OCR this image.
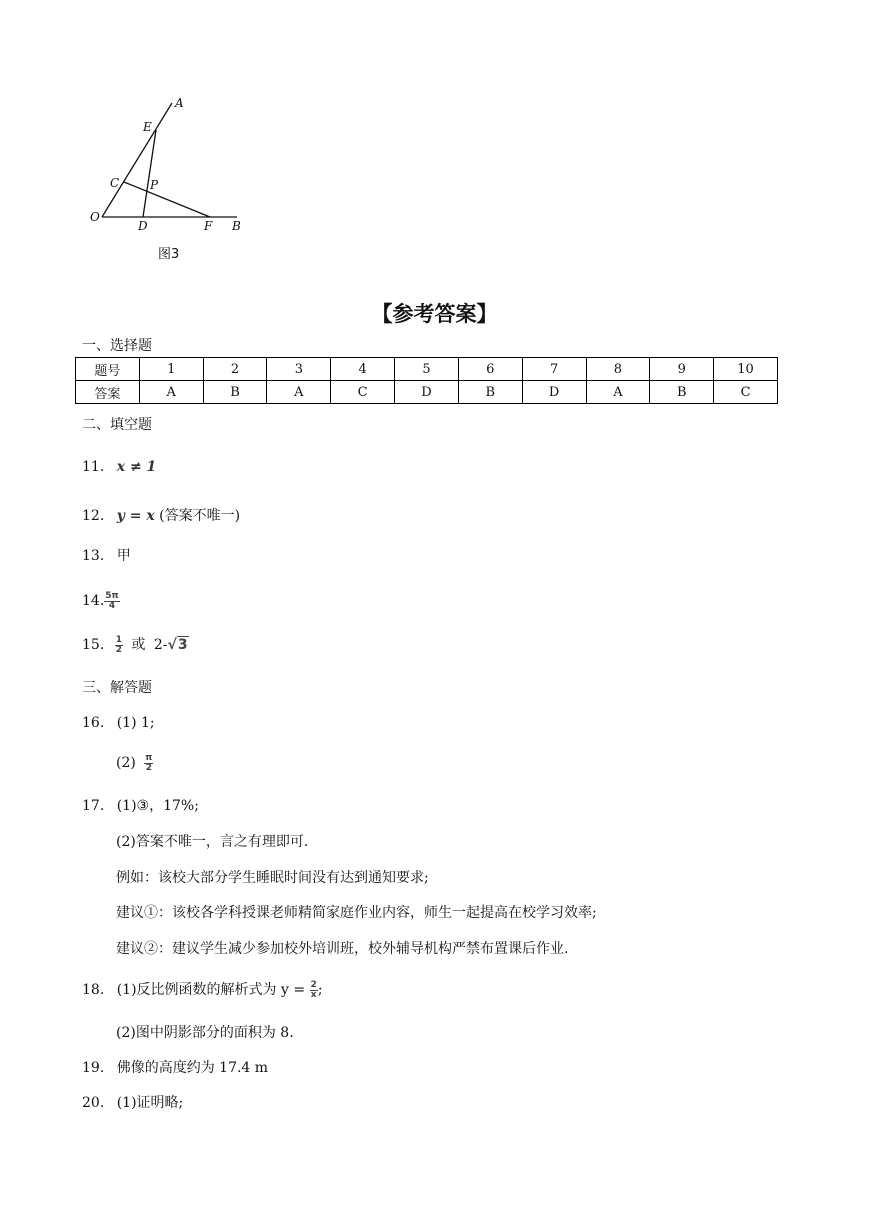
A
E
C	P
O
D	F B
图3
【参考答案】
一、选择题
题号	1	2	3	4	5	6	7	8	9	10
答案	A	B	A	C	D	B	D	A	B	C
二、填空题
11. x ≠ 1
12. y = x (答案不唯一)
13. 甲
14. $\frac{5\pi}{4}$
15. $\frac{1}{2}$ 或 2-√3
三、解答题
16. (1) 1;
$(2) \frac{\pi}{2}$
17. (1)③，17%;
(2)答案不唯一，言之有理即可.
例如：该校大部分学生睡眠时间没有达到通知要求;
建议①：该校各学科授课老师精简家庭作业内容，师生一起提高在校学习效率;
建议②：建议学生减少参加校外培训班，校外辅导机构严禁布置课后作业.
18. (1)反比例函数的解析式为 $y = \frac{2}{x}$ ;
(2)图中阴影部分的面积为 8.
19. 佛像的高度约为 17.4 m
20. (1)证明略;
